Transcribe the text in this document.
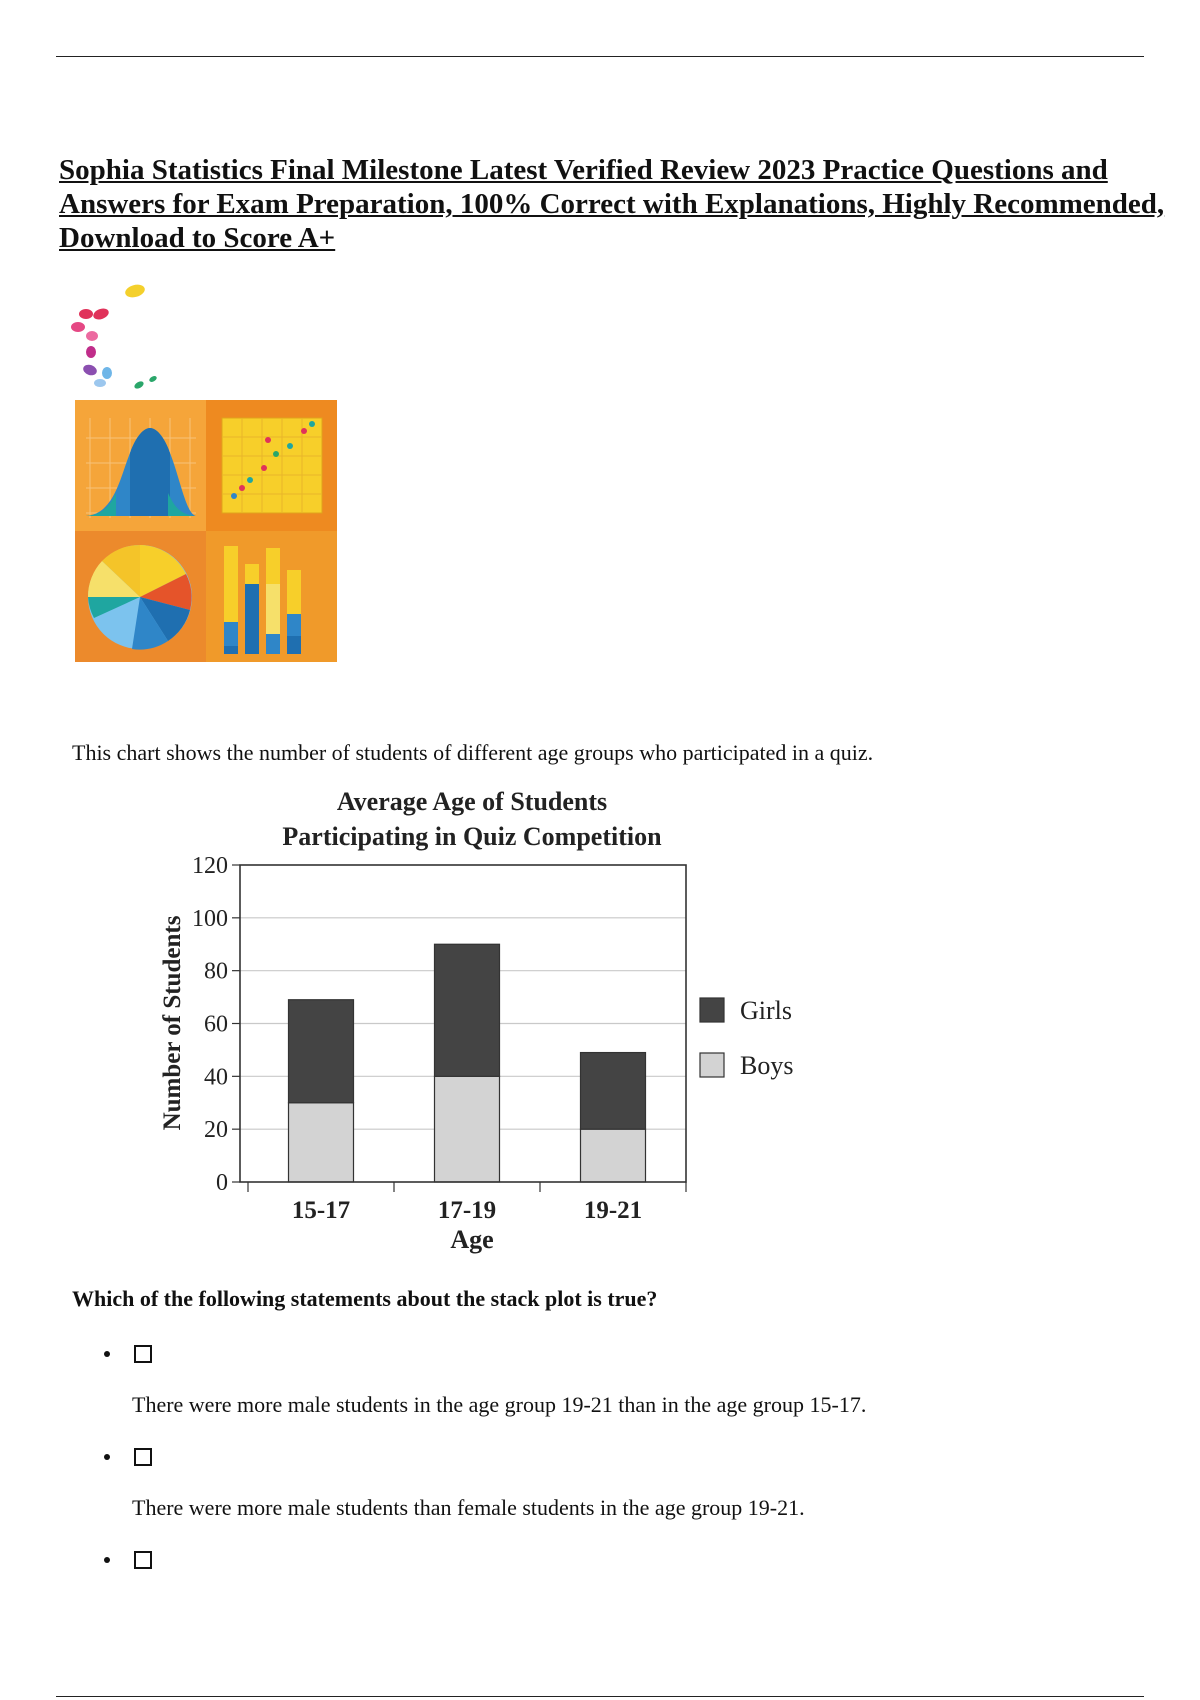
Sophia Statistics Final Milestone Latest Verified Review 2023 Practice Questions and Answers for Exam Preparation, 100% Correct with Explanations, Highly Recommended, Download to Score A+

This chart shows the number of students of different age groups who participated in a quiz.

Average Age of Students
Participating in Quiz Competition
0
20
40
60
80
100
120
15-17	17-19	19-21
Girls
Boys
Age
Number of Students

Which of the following statements about the stack plot is true?

There were more male students in the age group 19-21 than in the age group 15-17.

There were more male students than female students in the age group 19-21.
